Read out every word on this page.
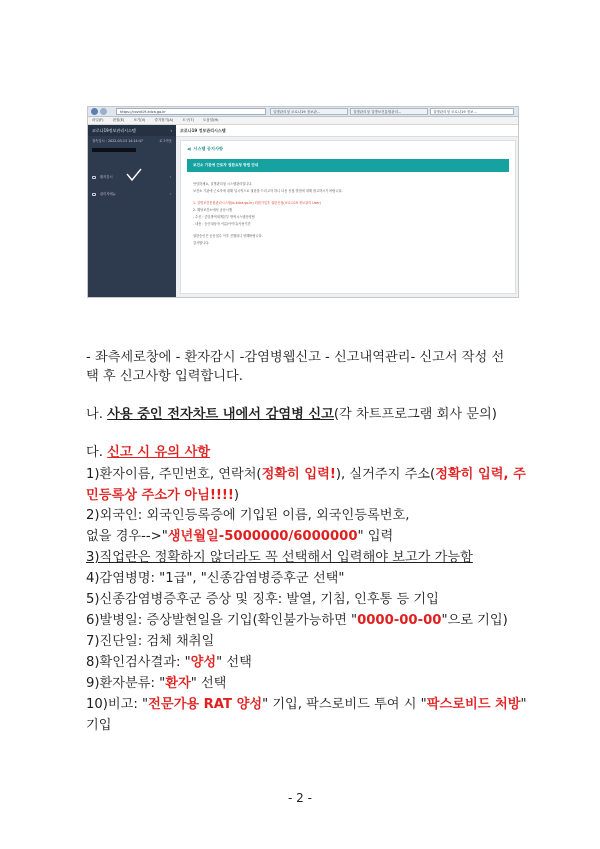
https://covid19.kdca.go.kr	일병관리청 코로나19 정보관...	질병관리청 질병보건통합관리...	질병관리청 코로나19 정보...
파일(F)	편집(E)	보기(V)	즐겨찾기(A)	도구(T)	도움말(H)
코로나19정보관리시스템	‹
접속일시 : 2022-03-13 14:14:47	로그아웃
환자감시	›
관리자메뉴	›
코로나19 정보관리시스템
◀) 시스템 공지사항
보건소 기관에 근로자 권한요청 방법 안내
안녕하세요, 질병관리청 시스템관리입니다.
보건소 기관에 근로자에 대해 일시적으로 권한을 드리고자 하니 다음 신청 방법에 대해 참고하시기 바랍니다.
1. 질병보건통합관리시스템(is.kdca.go.kr) 회원가입후 권한신청(코로나19 정보관리 User)
2. 해당보건소에서 공문시행
- 수신 : 중앙방역대책본부 방역시스템운영팀
- 내용 : 승인대상자 이름/아이디/사용기간
권한승인은 공문접수 이후 진행되니 양해바랍니다.
감사합니다.
- 좌측세로창에 - 환자감시 -감염병웹신고 - 신고내역관리- 신고서 작성 선
택 후 신고사항 입력합니다.
나. 사용 중인 전자차트 내에서 감염병 신고(각 차트프로그램 회사 문의)
다. 신고 시 유의 사항
1)환자이름, 주민번호, 연락처(정확히 입력!), 실거주지 주소(정확히 입력, 주
민등록상 주소가 아님!!!!)
2)외국인: 외국인등록증에 기입된 이름, 외국인등록번호,
없을 경우-->"생년월일-5000000/6000000" 입력
3)직업란은 정확하지 않더라도 꼭 선택해서 입력해야 보고가 가능함
4)감염병명: "1급", "신종감염병증후군 선택"
5)신종감염병증후군 증상 및 징후: 발열, 기침, 인후통 등 기입
6)발병일: 증상발현일을 기입(확인불가능하면 "0000-00-00"으로 기입)
7)진단일: 검체 채취일
8)확인검사결과: "양성" 선택
9)환자분류: "환자" 선택
10)비고: "전문가용 RAT 양성" 기입, 팍스로비드 투여 시 "팍스로비드 처방"
기입
- 2 -
